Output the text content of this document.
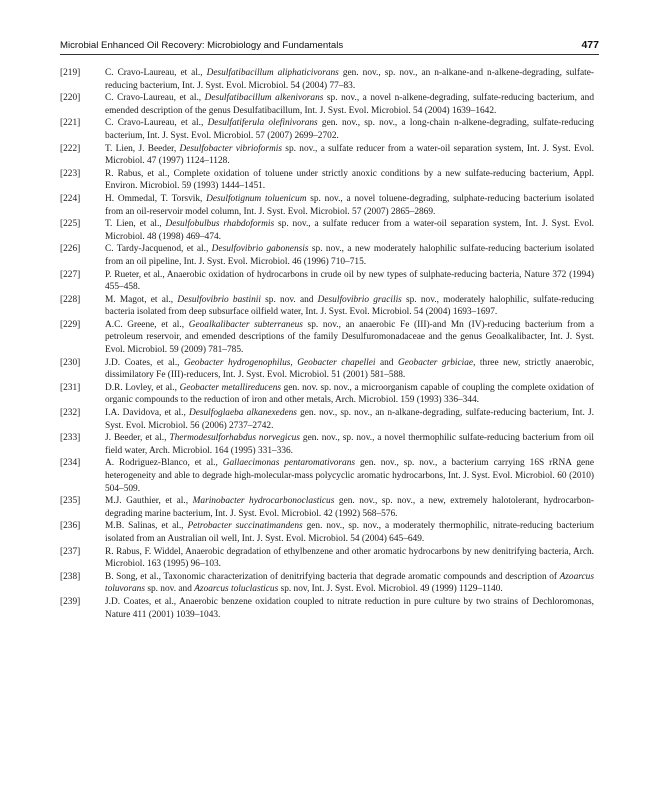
Microbial Enhanced Oil Recovery: Microbiology and Fundamentals	477
[219]	C. Cravo-Laureau, et al., Desulfatibacillum aliphaticivorans gen. nov., sp. nov., an n-alkane-and n-alkene-degrading, sulfate-reducing bacterium, Int. J. Syst. Evol. Microbiol. 54 (2004) 77–83.
[220]	C. Cravo-Laureau, et al., Desulfatibacillum alkenivorans sp. nov., a novel n-alkene-degrading, sulfate-reducing bacterium, and emended description of the genus Desulfatibacillum, Int. J. Syst. Evol. Microbiol. 54 (2004) 1639–1642.
[221]	C. Cravo-Laureau, et al., Desulfatiferula olefinivorans gen. nov., sp. nov., a long-chain n-alkene-degrading, sulfate-reducing bacterium, Int. J. Syst. Evol. Microbiol. 57 (2007) 2699–2702.
[222]	T. Lien, J. Beeder, Desulfobacter vibrioformis sp. nov., a sulfate reducer from a water-oil separation system, Int. J. Syst. Evol. Microbiol. 47 (1997) 1124–1128.
[223]	R. Rabus, et al., Complete oxidation of toluene under strictly anoxic conditions by a new sulfate-reducing bacterium, Appl. Environ. Microbiol. 59 (1993) 1444–1451.
[224]	H. Ommedal, T. Torsvik, Desulfotignum toluenicum sp. nov., a novel toluene-degrading, sulphate-reducing bacterium isolated from an oil-reservoir model column, Int. J. Syst. Evol. Microbiol. 57 (2007) 2865–2869.
[225]	T. Lien, et al., Desulfobulbus rhabdoformis sp. nov., a sulfate reducer from a water-oil separation system, Int. J. Syst. Evol. Microbiol. 48 (1998) 469–474.
[226]	C. Tardy-Jacquenod, et al., Desulfovibrio gabonensis sp. nov., a new moderately halophilic sulfate-reducing bacterium isolated from an oil pipeline, Int. J. Syst. Evol. Microbiol. 46 (1996) 710–715.
[227]	P. Rueter, et al., Anaerobic oxidation of hydrocarbons in crude oil by new types of sulphate-reducing bacteria, Nature 372 (1994) 455–458.
[228]	M. Magot, et al., Desulfovibrio bastinii sp. nov. and Desulfovibrio gracilis sp. nov., moderately halophilic, sulfate-reducing bacteria isolated from deep subsurface oilfield water, Int. J. Syst. Evol. Microbiol. 54 (2004) 1693–1697.
[229]	A.C. Greene, et al., Geoalkalibacter subterraneus sp. nov., an anaerobic Fe (III)-and Mn (IV)-reducing bacterium from a petroleum reservoir, and emended descriptions of the family Desulfuromonadaceae and the genus Geoalkalibacter, Int. J. Syst. Evol. Microbiol. 59 (2009) 781–785.
[230]	J.D. Coates, et al., Geobacter hydrogenophilus, Geobacter chapellei and Geobacter grbiciae, three new, strictly anaerobic, dissimilatory Fe (III)-reducers, Int. J. Syst. Evol. Microbiol. 51 (2001) 581–588.
[231]	D.R. Lovley, et al., Geobacter metallireducens gen. nov. sp. nov., a microorganism capable of coupling the complete oxidation of organic compounds to the reduction of iron and other metals, Arch. Microbiol. 159 (1993) 336–344.
[232]	I.A. Davidova, et al., Desulfoglaeba alkanexedens gen. nov., sp. nov., an n-alkane-degrading, sulfate-reducing bacterium, Int. J. Syst. Evol. Microbiol. 56 (2006) 2737–2742.
[233]	J. Beeder, et al., Thermodesulforhabdus norvegicus gen. nov., sp. nov., a novel thermophilic sulfate-reducing bacterium from oil field water, Arch. Microbiol. 164 (1995) 331–336.
[234]	A. Rodriguez-Blanco, et al., Gallaecimonas pentaromativorans gen. nov., sp. nov., a bacterium carrying 16S rRNA gene heterogeneity and able to degrade high-molecular-mass polycyclic aromatic hydrocarbons, Int. J. Syst. Evol. Microbiol. 60 (2010) 504–509.
[235]	M.J. Gauthier, et al., Marinobacter hydrocarbonoclasticus gen. nov., sp. nov., a new, extremely halotolerant, hydrocarbon-degrading marine bacterium, Int. J. Syst. Evol. Microbiol. 42 (1992) 568–576.
[236]	M.B. Salinas, et al., Petrobacter succinatimandens gen. nov., sp. nov., a moderately thermophilic, nitrate-reducing bacterium isolated from an Australian oil well, Int. J. Syst. Evol. Microbiol. 54 (2004) 645–649.
[237]	R. Rabus, F. Widdel, Anaerobic degradation of ethylbenzene and other aromatic hydrocarbons by new denitrifying bacteria, Arch. Microbiol. 163 (1995) 96–103.
[238]	B. Song, et al., Taxonomic characterization of denitrifying bacteria that degrade aromatic compounds and description of Azoarcus toluvorans sp. nov. and Azoarcus toluclasticus sp. nov, Int. J. Syst. Evol. Microbiol. 49 (1999) 1129–1140.
[239]	J.D. Coates, et al., Anaerobic benzene oxidation coupled to nitrate reduction in pure culture by two strains of Dechloromonas, Nature 411 (2001) 1039–1043.
